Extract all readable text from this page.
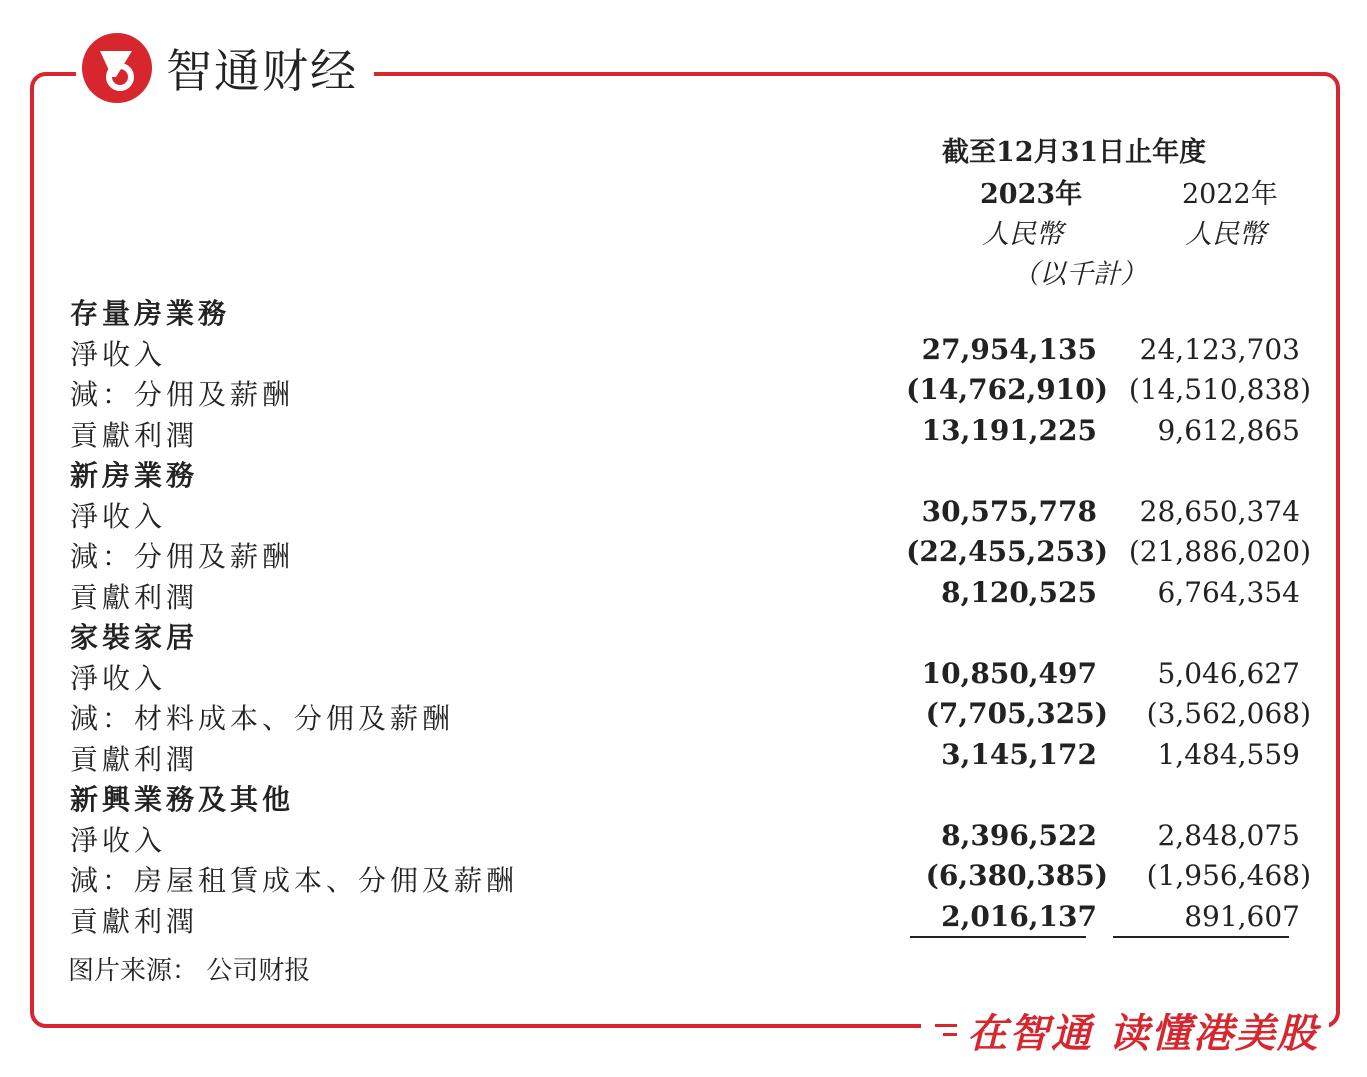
智通财经
截至12月31日止年度
2023年	2022年
人民幣	人民幣
（以千計）
存量房業務
淨收入	27,954,135 24,123,703
減：分佣及薪酬	(14,762,910) (14,510,838)
貢獻利潤	13,191,225 9,612,865
新房業務
淨收入	30,575,778 28,650,374
減：分佣及薪酬	(22,455,253) (21,886,020)
貢獻利潤	8,120,525 6,764,354
家裝家居
淨收入	10,850,497 5,046,627
減：材料成本、分佣及薪酬	(7,705,325) (3,562,068)
貢獻利潤	3,145,172 1,484,559
新興業務及其他
淨收入	8,396,522 2,848,075
減：房屋租賃成本、分佣及薪酬	(6,380,385) (1,956,468)
貢獻利潤	2,016,137	891,607
图片来源： 公司财报
在智通 读懂港美股
